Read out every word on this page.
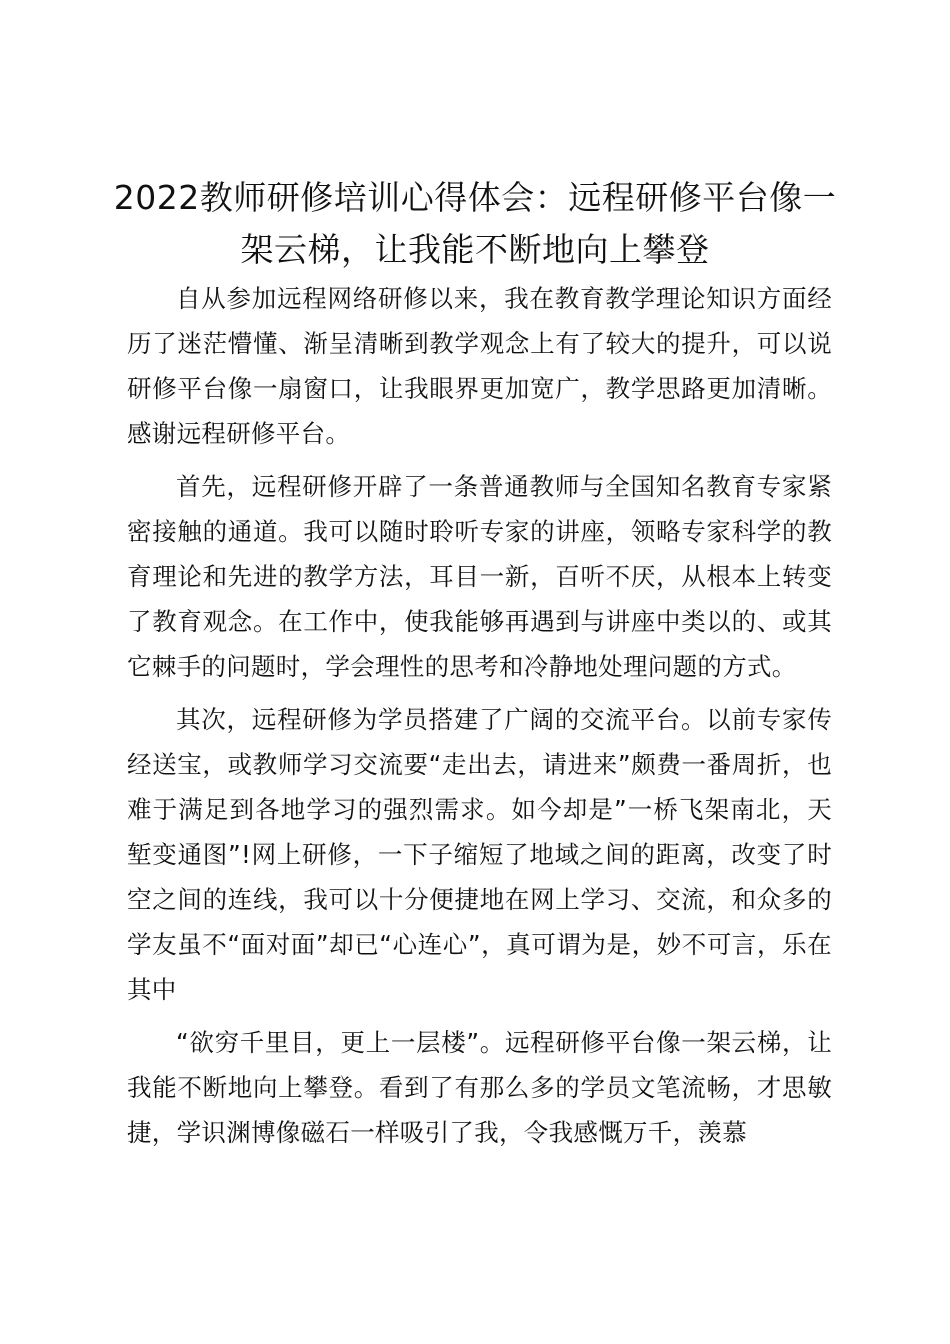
2022教师研修培训心得体会：远程研修平台像一架云梯，让我能不断地向上攀登

自从参加远程网络研修以来，我在教育教学理论知识方面经历了迷茫懵懂、渐呈清晰到教学观念上有了较大的提升，可以说研修平台像一扇窗口，让我眼界更加宽广，教学思路更加清晰。感谢远程研修平台。

首先，远程研修开辟了一条普通教师与全国知名教育专家紧密接触的通道。我可以随时聆听专家的讲座，领略专家科学的教育理论和先进的教学方法，耳目一新，百听不厌，从根本上转变了教育观念。在工作中，使我能够再遇到与讲座中类以的、或其它棘手的问题时，学会理性的思考和冷静地处理问题的方式。

其次，远程研修为学员搭建了广阔的交流平台。以前专家传经送宝，或教师学习交流要“走出去，请进来”颇费一番周折，也难于满足到各地学习的强烈需求。如今却是”一桥飞架南北，天堑变通图”!网上研修，一下子缩短了地域之间的距离，改变了时空之间的连线，我可以十分便捷地在网上学习、交流，和众多的学友虽不“面对面”却已“心连心”，真可谓为是，妙不可言，乐在其中

“欲穷千里目，更上一层楼”。远程研修平台像一架云梯，让我能不断地向上攀登。看到了有那么多的学员文笔流畅，才思敏捷，学识渊博像磁石一样吸引了我，令我感慨万千，羡慕
